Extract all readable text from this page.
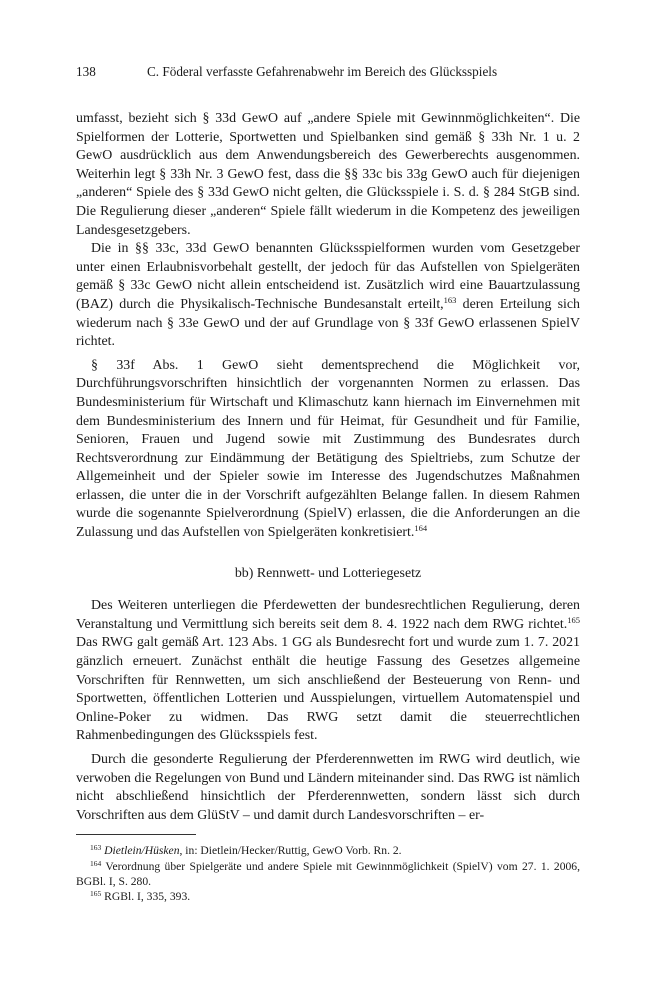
138	C. Föderal verfasste Gefahrenabwehr im Bereich des Glücksspiels

umfasst, bezieht sich § 33d GewO auf „andere Spiele mit Gewinnmöglichkeiten“. Die Spielformen der Lotterie, Sportwetten und Spielbanken sind gemäß § 33h Nr. 1 u. 2 GewO ausdrücklich aus dem Anwendungsbereich des Gewerberechts ausgenommen. Weiterhin legt § 33h Nr. 3 GewO fest, dass die §§ 33c bis 33g GewO auch für diejenigen „anderen“ Spiele des § 33d GewO nicht gelten, die Glücksspiele i. S. d. § 284 StGB sind. Die Regulierung dieser „anderen“ Spiele fällt wiederum in die Kompetenz des jeweiligen Landesgesetzgebers.

Die in §§ 33c, 33d GewO benannten Glücksspielformen wurden vom Gesetzgeber unter einen Erlaubnisvorbehalt gestellt, der jedoch für das Aufstellen von Spielgeräten gemäß § 33c GewO nicht allein entscheidend ist. Zusätzlich wird eine Bauartzulassung (BAZ) durch die Physikalisch-Technische Bundesanstalt erteilt,$^{163}$ deren Erteilung sich wiederum nach § 33e GewO und der auf Grundlage von § 33f GewO erlassenen SpielV richtet.

§ 33f Abs. 1 GewO sieht dementsprechend die Möglichkeit vor, Durchführungsvorschriften hinsichtlich der vorgenannten Normen zu erlassen. Das Bundesministerium für Wirtschaft und Klimaschutz kann hiernach im Einvernehmen mit dem Bundesministerium des Innern und für Heimat, für Gesundheit und für Familie, Senioren, Frauen und Jugend sowie mit Zustimmung des Bundesrates durch Rechtsverordnung zur Eindämmung der Betätigung des Spieltriebs, zum Schutze der Allgemeinheit und der Spieler sowie im Interesse des Jugendschutzes Maßnahmen erlassen, die unter die in der Vorschrift aufgezählten Belange fallen. In diesem Rahmen wurde die sogenannte Spielverordnung (SpielV) erlassen, die die Anforderungen an die Zulassung und das Aufstellen von Spielgeräten konkretisiert.$^{164}$

bb) Rennwett- und Lotteriegesetz

Des Weiteren unterliegen die Pferdewetten der bundesrechtlichen Regulierung, deren Veranstaltung und Vermittlung sich bereits seit dem 8. 4. 1922 nach dem RWG richtet.$^{165}$ Das RWG galt gemäß Art. 123 Abs. 1 GG als Bundesrecht fort und wurde zum 1. 7. 2021 gänzlich erneuert. Zunächst enthält die heutige Fassung des Gesetzes allgemeine Vorschriften für Rennwetten, um sich anschließend der Besteuerung von Renn- und Sportwetten, öffentlichen Lotterien und Ausspielungen, virtuellem Automatenspiel und Online-Poker zu widmen. Das RWG setzt damit die steuerrechtlichen Rahmenbedingungen des Glücksspiels fest.

Durch die gesonderte Regulierung der Pferderennwetten im RWG wird deutlich, wie verwoben die Regelungen von Bund und Ländern miteinander sind. Das RWG ist nämlich nicht abschließend hinsichtlich der Pferderennwetten, sondern lässt sich durch Vorschriften aus dem GlüStV – und damit durch Landesvorschriften – er-

$^{163}$ Dietlein/Hüsken, in: Dietlein/Hecker/Ruttig, GewO Vorb. Rn. 2.

$^{164}$ Verordnung über Spielgeräte und andere Spiele mit Gewinnmöglichkeit (SpielV) vom 27. 1. 2006, BGBl. I, S. 280.

$^{165}$ RGBl. I, 335, 393.
